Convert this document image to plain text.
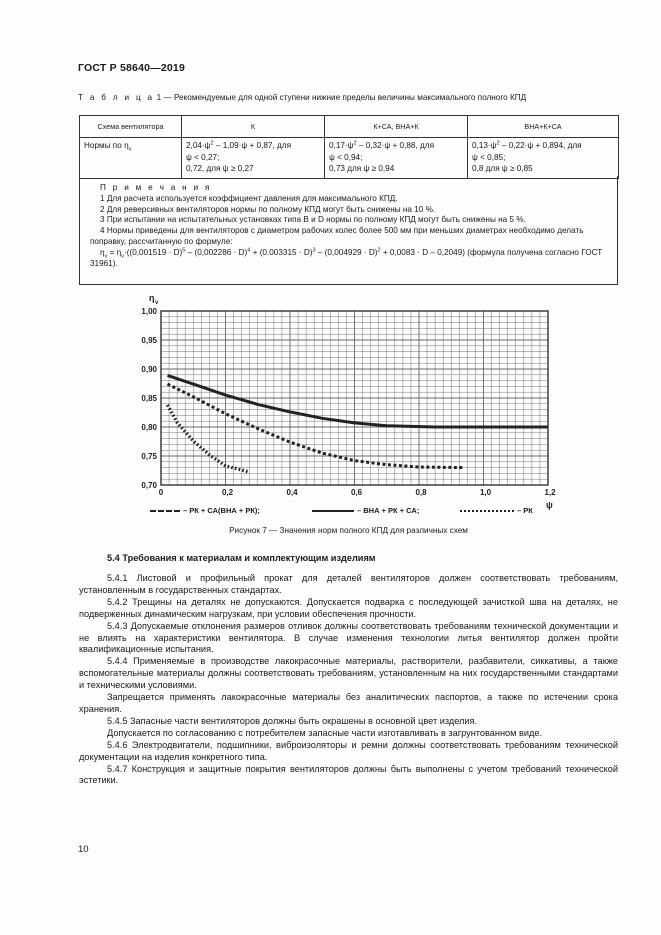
ГОСТ Р 58640—2019
Т а б л и ц а 1 — Рекомендуемые для одной ступени нижние пределы величины максимального полного КПД
Схема вентилятора	К	К+СА, ВНА+К	ВНА+К+СА
Нормы по $\eta_v$	$2,04\cdot\psi^2 - 1,09\cdot\psi + 0,87$, для
ψ < 0,27;
0,72, для ψ ≥ 0,27	$0,17\cdot\psi^2 - 0,32\cdot\psi + 0,88$, для
ψ < 0,94;
0,73 для ψ ≥ 0,94	$0,13\cdot\psi^2 - 0,22\cdot\psi + 0,894$, для
ψ < 0,85;
0,8 для ψ ≥ 0,85
П р и м е ч а н и я
1 Для расчета используется коэффициент давления для максимального КПД.
2 Для реверсивных вентиляторов нормы по полному КПД могут быть снижены на 10 %.
3 При испытании на испытательных установках типа B и D нормы по полному КПД могут быть снижены на 5 %.
4 Нормы приведены для вентиляторов с диаметром рабочих колес более 500 мм при меньших диаметрах необходимо делать поправку, рассчитанную по формуле:
$\eta_v = \eta_v\cdot((0,001519 \cdot D)^5 - (0,002286 \cdot D)^4 + (0.003315 \cdot D)^3 - (0,004929 \cdot D)^2 + 0,0083 \cdot D - 0,2049)$ (формула получена согласно ГОСТ 31961).
0,70
0,75
0,80
0,85
0,90
0,95
1,00
0	0,2	0,4	0,6	0,8	1,0	1,2
η v
ψ
– РК + СА(ВНА + РК);	– ВНА + РК + СА;	– РК
Рисунок 7 — Значения норм полного КПД для различных схем
5.4 Требования к материалам и комплектующим изделиям

5.4.1 Листовой и профильный прокат для деталей вентиляторов должен соответствовать требованиям, установленным в государственных стандартах.

5.4.2 Трещины на деталях не допускаются. Допускается подварка с последующей зачисткой шва на деталях, не подверженных динамическим нагрузкам, при условии обеспечения прочности.

5.4.3 Допускаемые отклонения размеров отливок должны соответствовать требованиям технической документации и не влиять на характеристики вентилятора. В случае изменения технологии литья вентилятор должен пройти квалификационные испытания.

5.4.4 Применяемые в производстве лакокрасочные материалы, растворители, разбавители, сиккативы, а также вспомогательные материалы должны соответствовать требованиям, установленным на них государственными стандартами и техническими условиями.

Запрещается применять лакокрасочные материалы без аналитических паспортов, а также по истечении срока хранения.

5.4.5 Запасные части вентиляторов должны быть окрашены в основной цвет изделия.

Допускается по согласованию с потребителем запасные части изготавливать в загрунтованном виде.

5.4.6 Электродвигатели, подшипники, виброизоляторы и ремни должны соответствовать требованиям технической документации на изделия конкретного типа.

5.4.7 Конструкция и защитные покрытия вентиляторов должны быть выполнены с учетом требований технической эстетики.

10
